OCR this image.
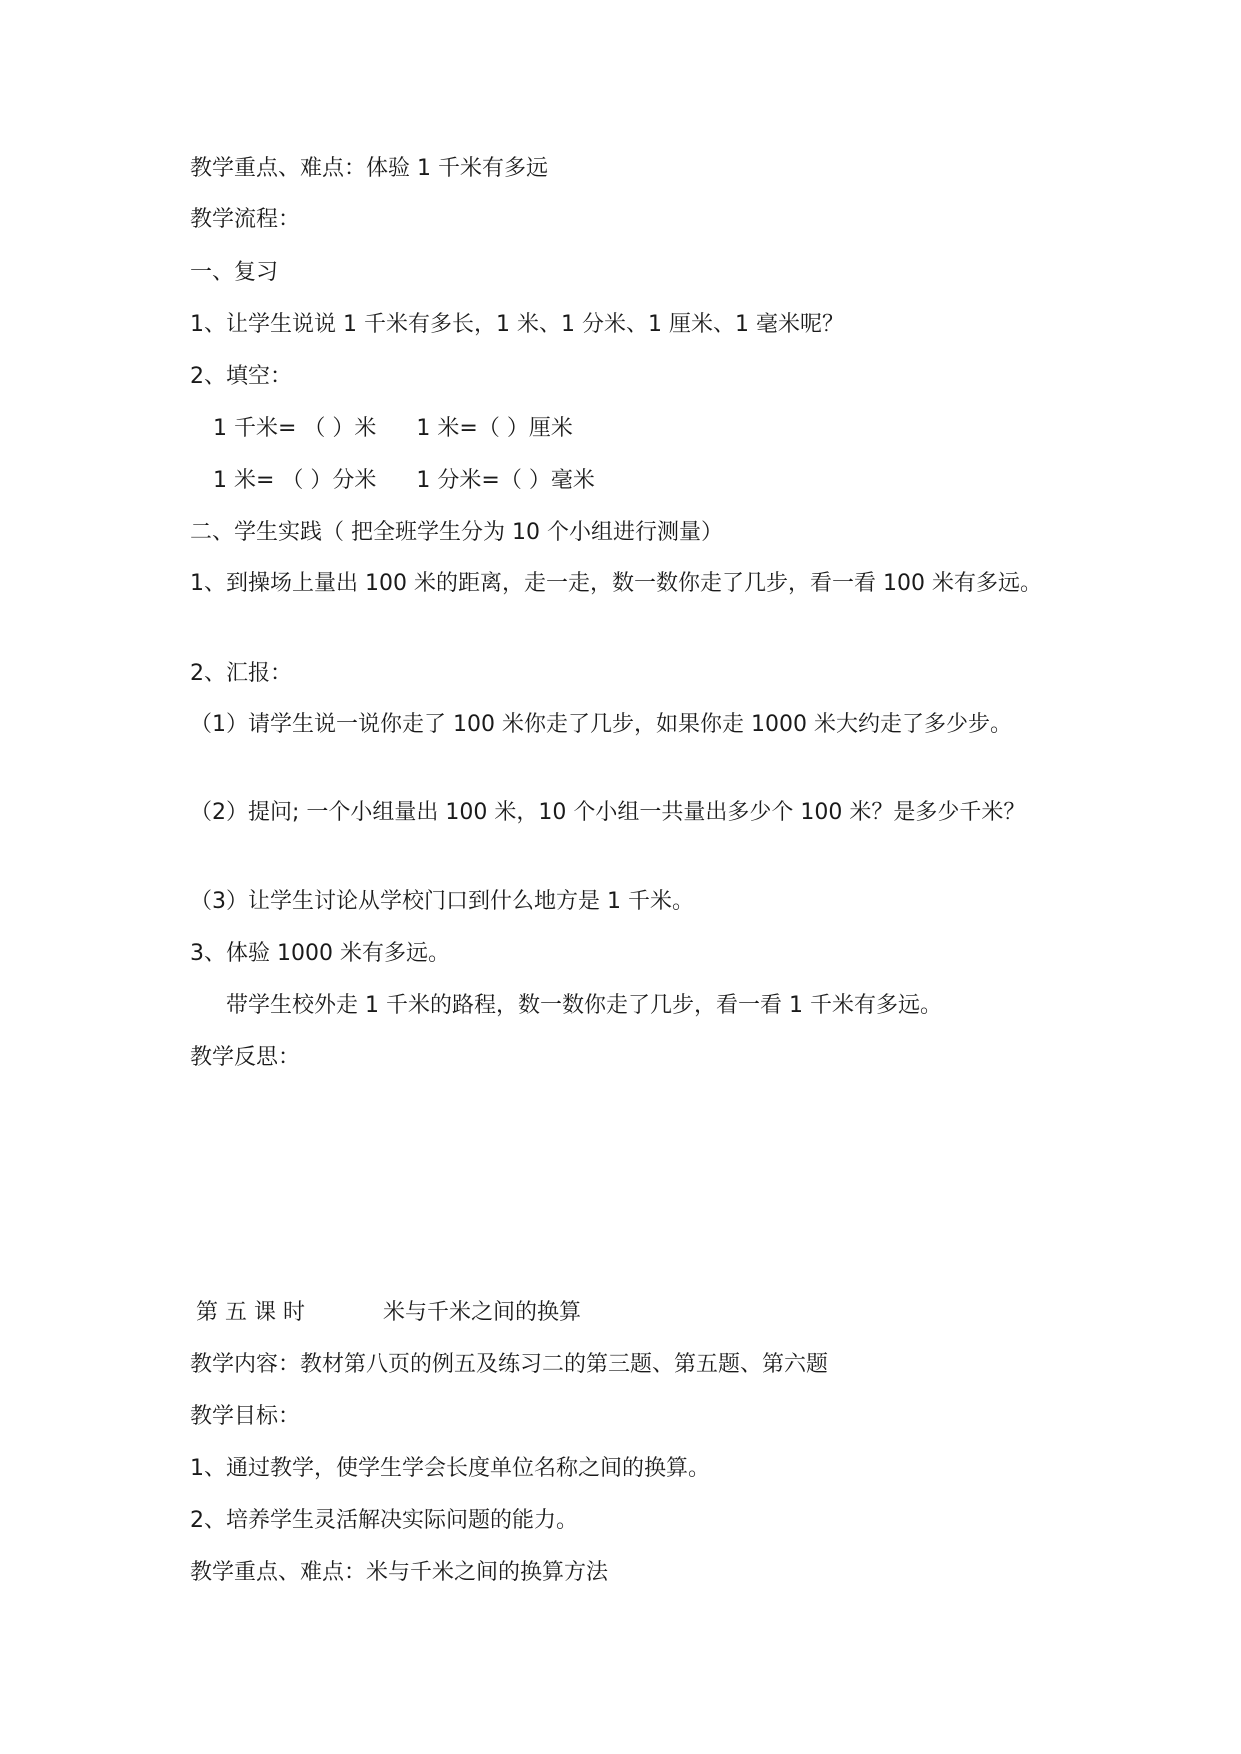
教学重点、难点：体验 1 千米有多远
教学流程：
一、复习
1、让学生说说 1 千米有多长，1 米、1 分米、1 厘米、1 毫米呢？
2、填空：
1 千米= （ ）米 1 米=（ ）厘米
1 米= （ ）分米 1 分米=（ ）毫米
二、学生实践（ 把全班学生分为 10 个小组进行测量）
1、到操场上量出 100 米的距离，走一走，数一数你走了几步，看一看 100 米有多远。
2、汇报：
（1）请学生说一说你走了 100 米你走了几步，如果你走 1000 米大约走了多少步。
（2）提问; 一个小组量出 100 米，10 个小组一共量出多少个 100 米？是多少千米？
（3）让学生讨论从学校门口到什么地方是 1 千米。
3、体验 1000 米有多远。
带学生校外走 1 千米的路程，数一数你走了几步，看一看 1 千米有多远。
教学反思：
第 五 课 时	米与千米之间的换算
教学内容：教材第八页的例五及练习二的第三题、第五题、第六题
教学目标：
1、通过教学，使学生学会长度单位名称之间的换算。
2、培养学生灵活解决实际问题的能力。
教学重点、难点：米与千米之间的换算方法
